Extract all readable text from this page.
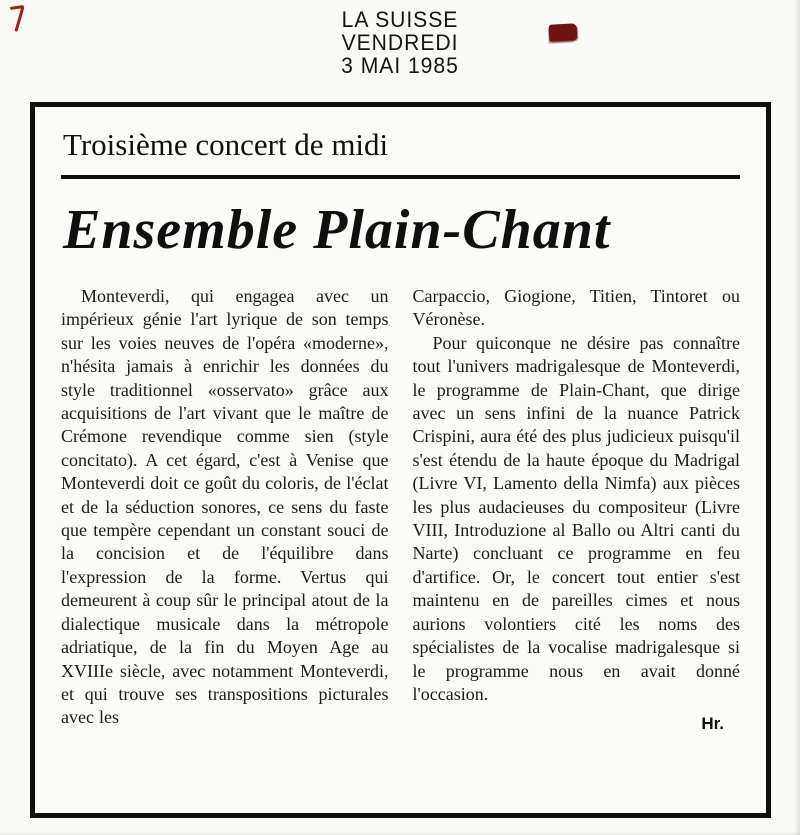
LA SUISSE
VENDREDI
3 MAI 1985
Troisième concert de midi
Ensemble Plain-Chant

Monteverdi, qui engagea avec un impérieux génie l'art lyrique de son temps sur les voies neuves de l'opéra «moderne», n'hésita jamais à enrichir les données du style traditionnel «osservato» grâce aux acquisitions de l'art vivant que le maître de Crémone revendique comme sien (style concitato). A cet égard, c'est à Venise que Monteverdi doit ce goût du coloris, de l'éclat et de la séduction sonores, ce sens du faste que tempère cependant un constant souci de la concision et de l'équilibre dans l'expression de la forme. Vertus qui demeurent à coup sûr le principal atout de la dialectique musicale dans la métropole adriatique, de la fin du Moyen Age au XVIIIe siècle, avec notamment Monteverdi, et qui trouve ses transpositions picturales avec les

Carpaccio, Giogione, Titien, Tintoret ou Véronèse.

Pour quiconque ne désire pas connaître tout l'univers madrigalesque de Monteverdi, le programme de Plain-Chant, que dirige avec un sens infini de la nuance Patrick Crispini, aura été des plus judicieux puisqu'il s'est étendu de la haute époque du Madrigal (Livre VI, Lamento della Nimfa) aux pièces les plus audacieuses du compositeur (Livre VIII, Introduzione al Ballo ou Altri canti du Narte) concluant ce programme en feu d'artifice. Or, le concert tout entier s'est maintenu en de pareilles cimes et nous aurions volontiers cité les noms des spécialistes de la vocalise madrigalesque si le programme nous en avait donné l'occasion.

Hr.
